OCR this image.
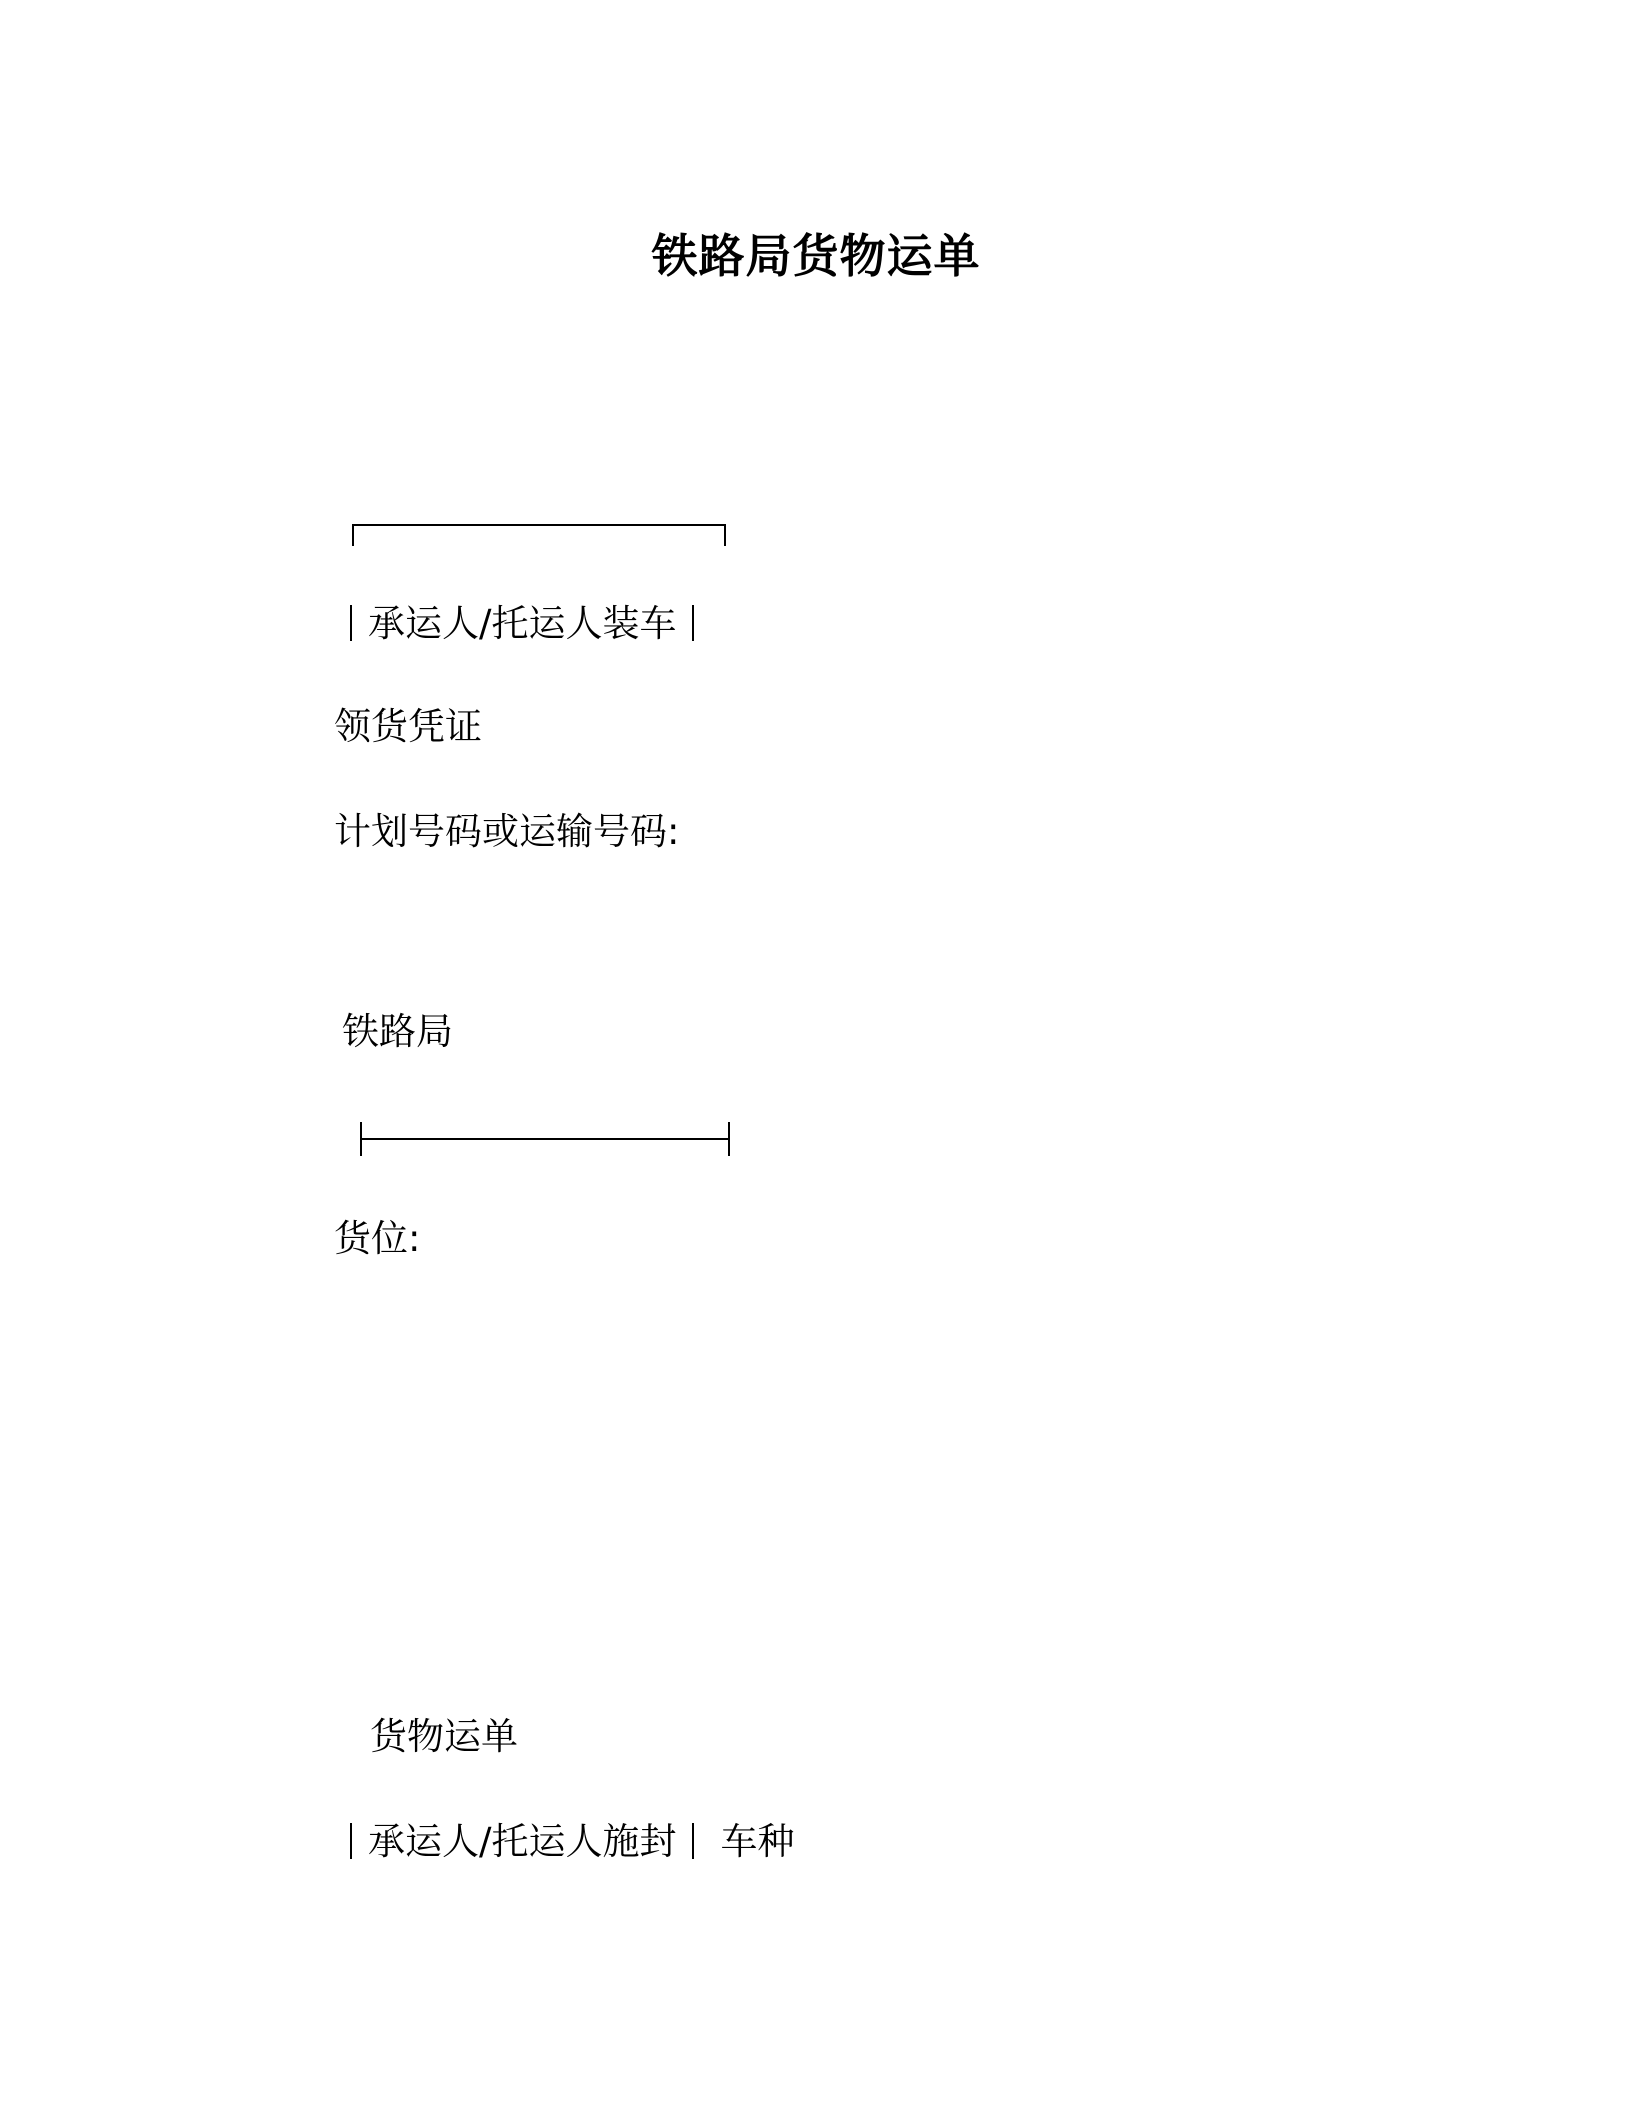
铁路局货物运单
承运人/托运人装车
领货凭证
计划号码或运输号码:
铁路局
货位:
货物运单
承运人/托运人施封 车种
